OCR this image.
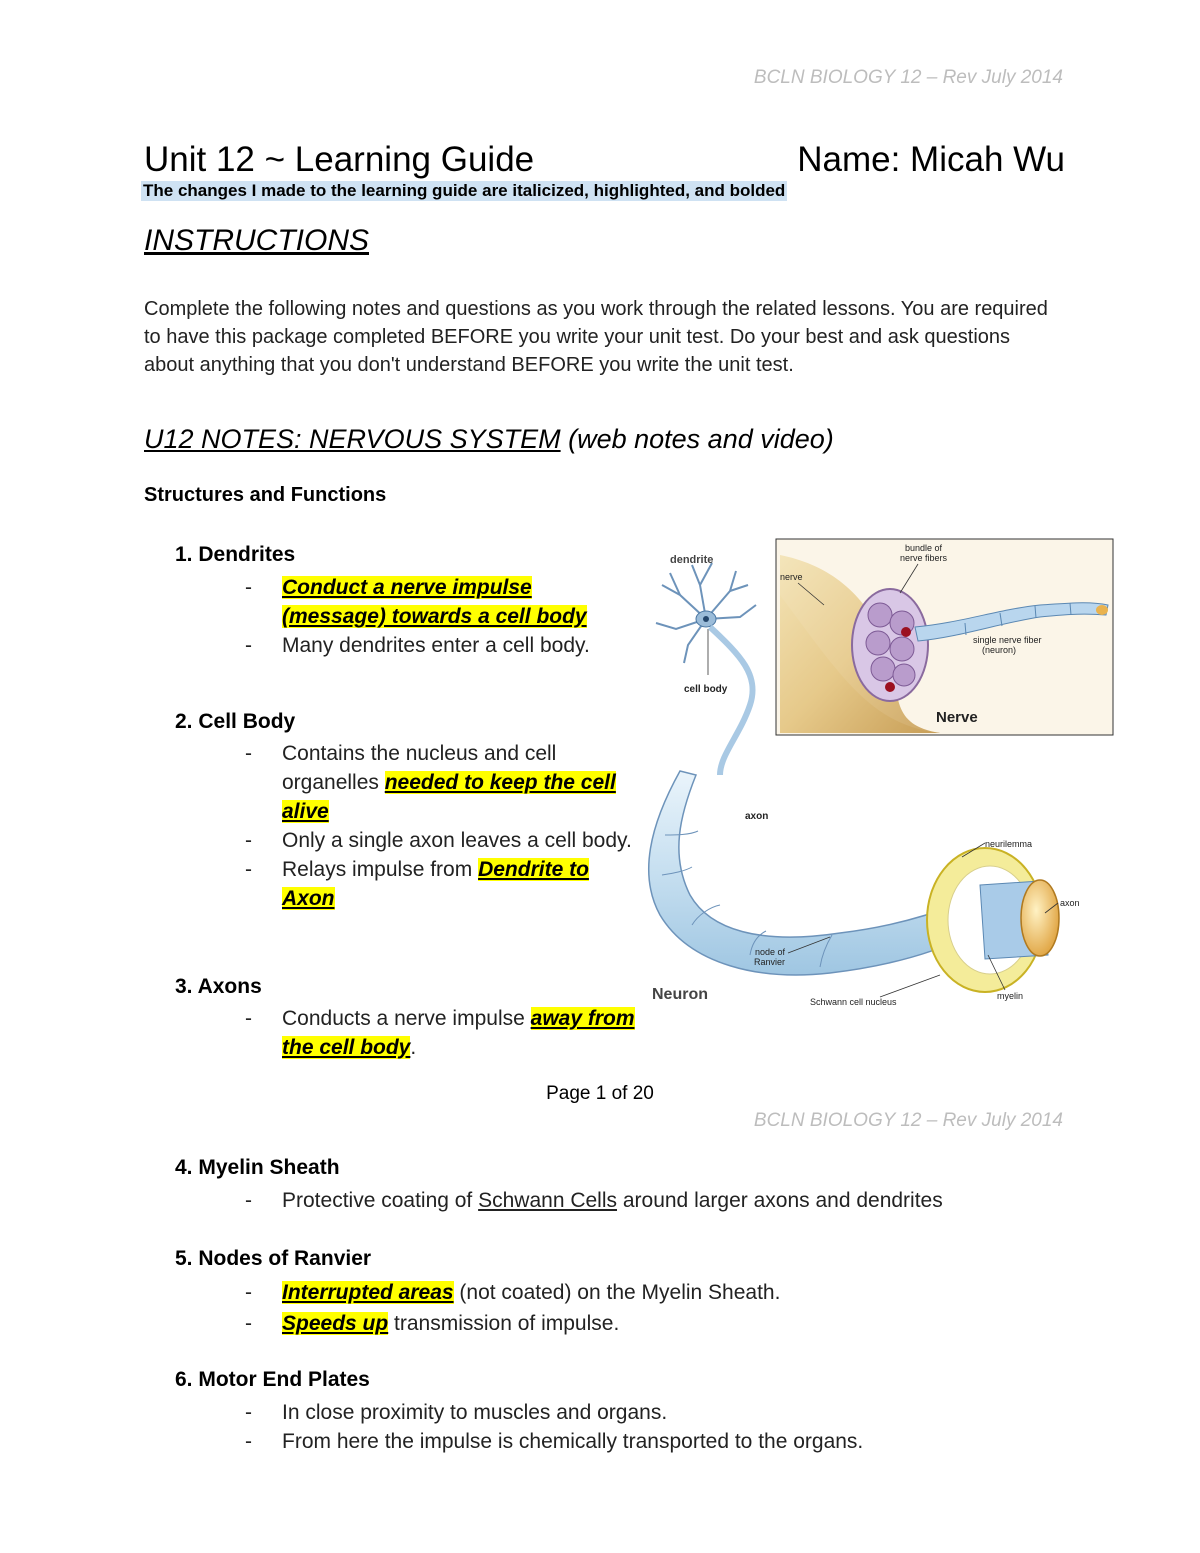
BCLN BIOLOGY 12 – Rev July 2014
Unit 12 ~ Learning Guide	Name: Micah Wu
The changes I made to the learning guide are italicized, highlighted, and bolded
INSTRUCTIONS
Complete the following notes and questions as you work through the related lessons. You are required to have this package completed BEFORE you write your unit test. Do your best and ask questions about anything that you don't understand BEFORE you write the unit test.
U12 NOTES: NERVOUS SYSTEM (web notes and video)
Structures and Functions
1. Dendrites
- Conduct a nerve impulse (message) towards a cell body
- Many dendrites enter a cell body.
2. Cell Body
- Contains the nucleus and cell organelles needed to keep the cell alive
- Only a single axon leaves a cell body.
- Relays impulse from Dendrite to Axon
3. Axons
- Conducts a nerve impulse away from the cell body.
nerve
bundle of
nerve fibers
single nerve fiber
(neuron)
Nerve
dendrite
cell body
axon
node of
Ranvier
Neuron	Schwann cell nucleus
myelin
neurilemma
axon
Page 1 of 20
BCLN BIOLOGY 12 – Rev July 2014
4. Myelin Sheath
- Protective coating of Schwann Cells around larger axons and dendrites
5. Nodes of Ranvier
- Interrupted areas (not coated) on the Myelin Sheath.
- Speeds up transmission of impulse.
6. Motor End Plates
- In close proximity to muscles and organs.
- From here the impulse is chemically transported to the organs.
